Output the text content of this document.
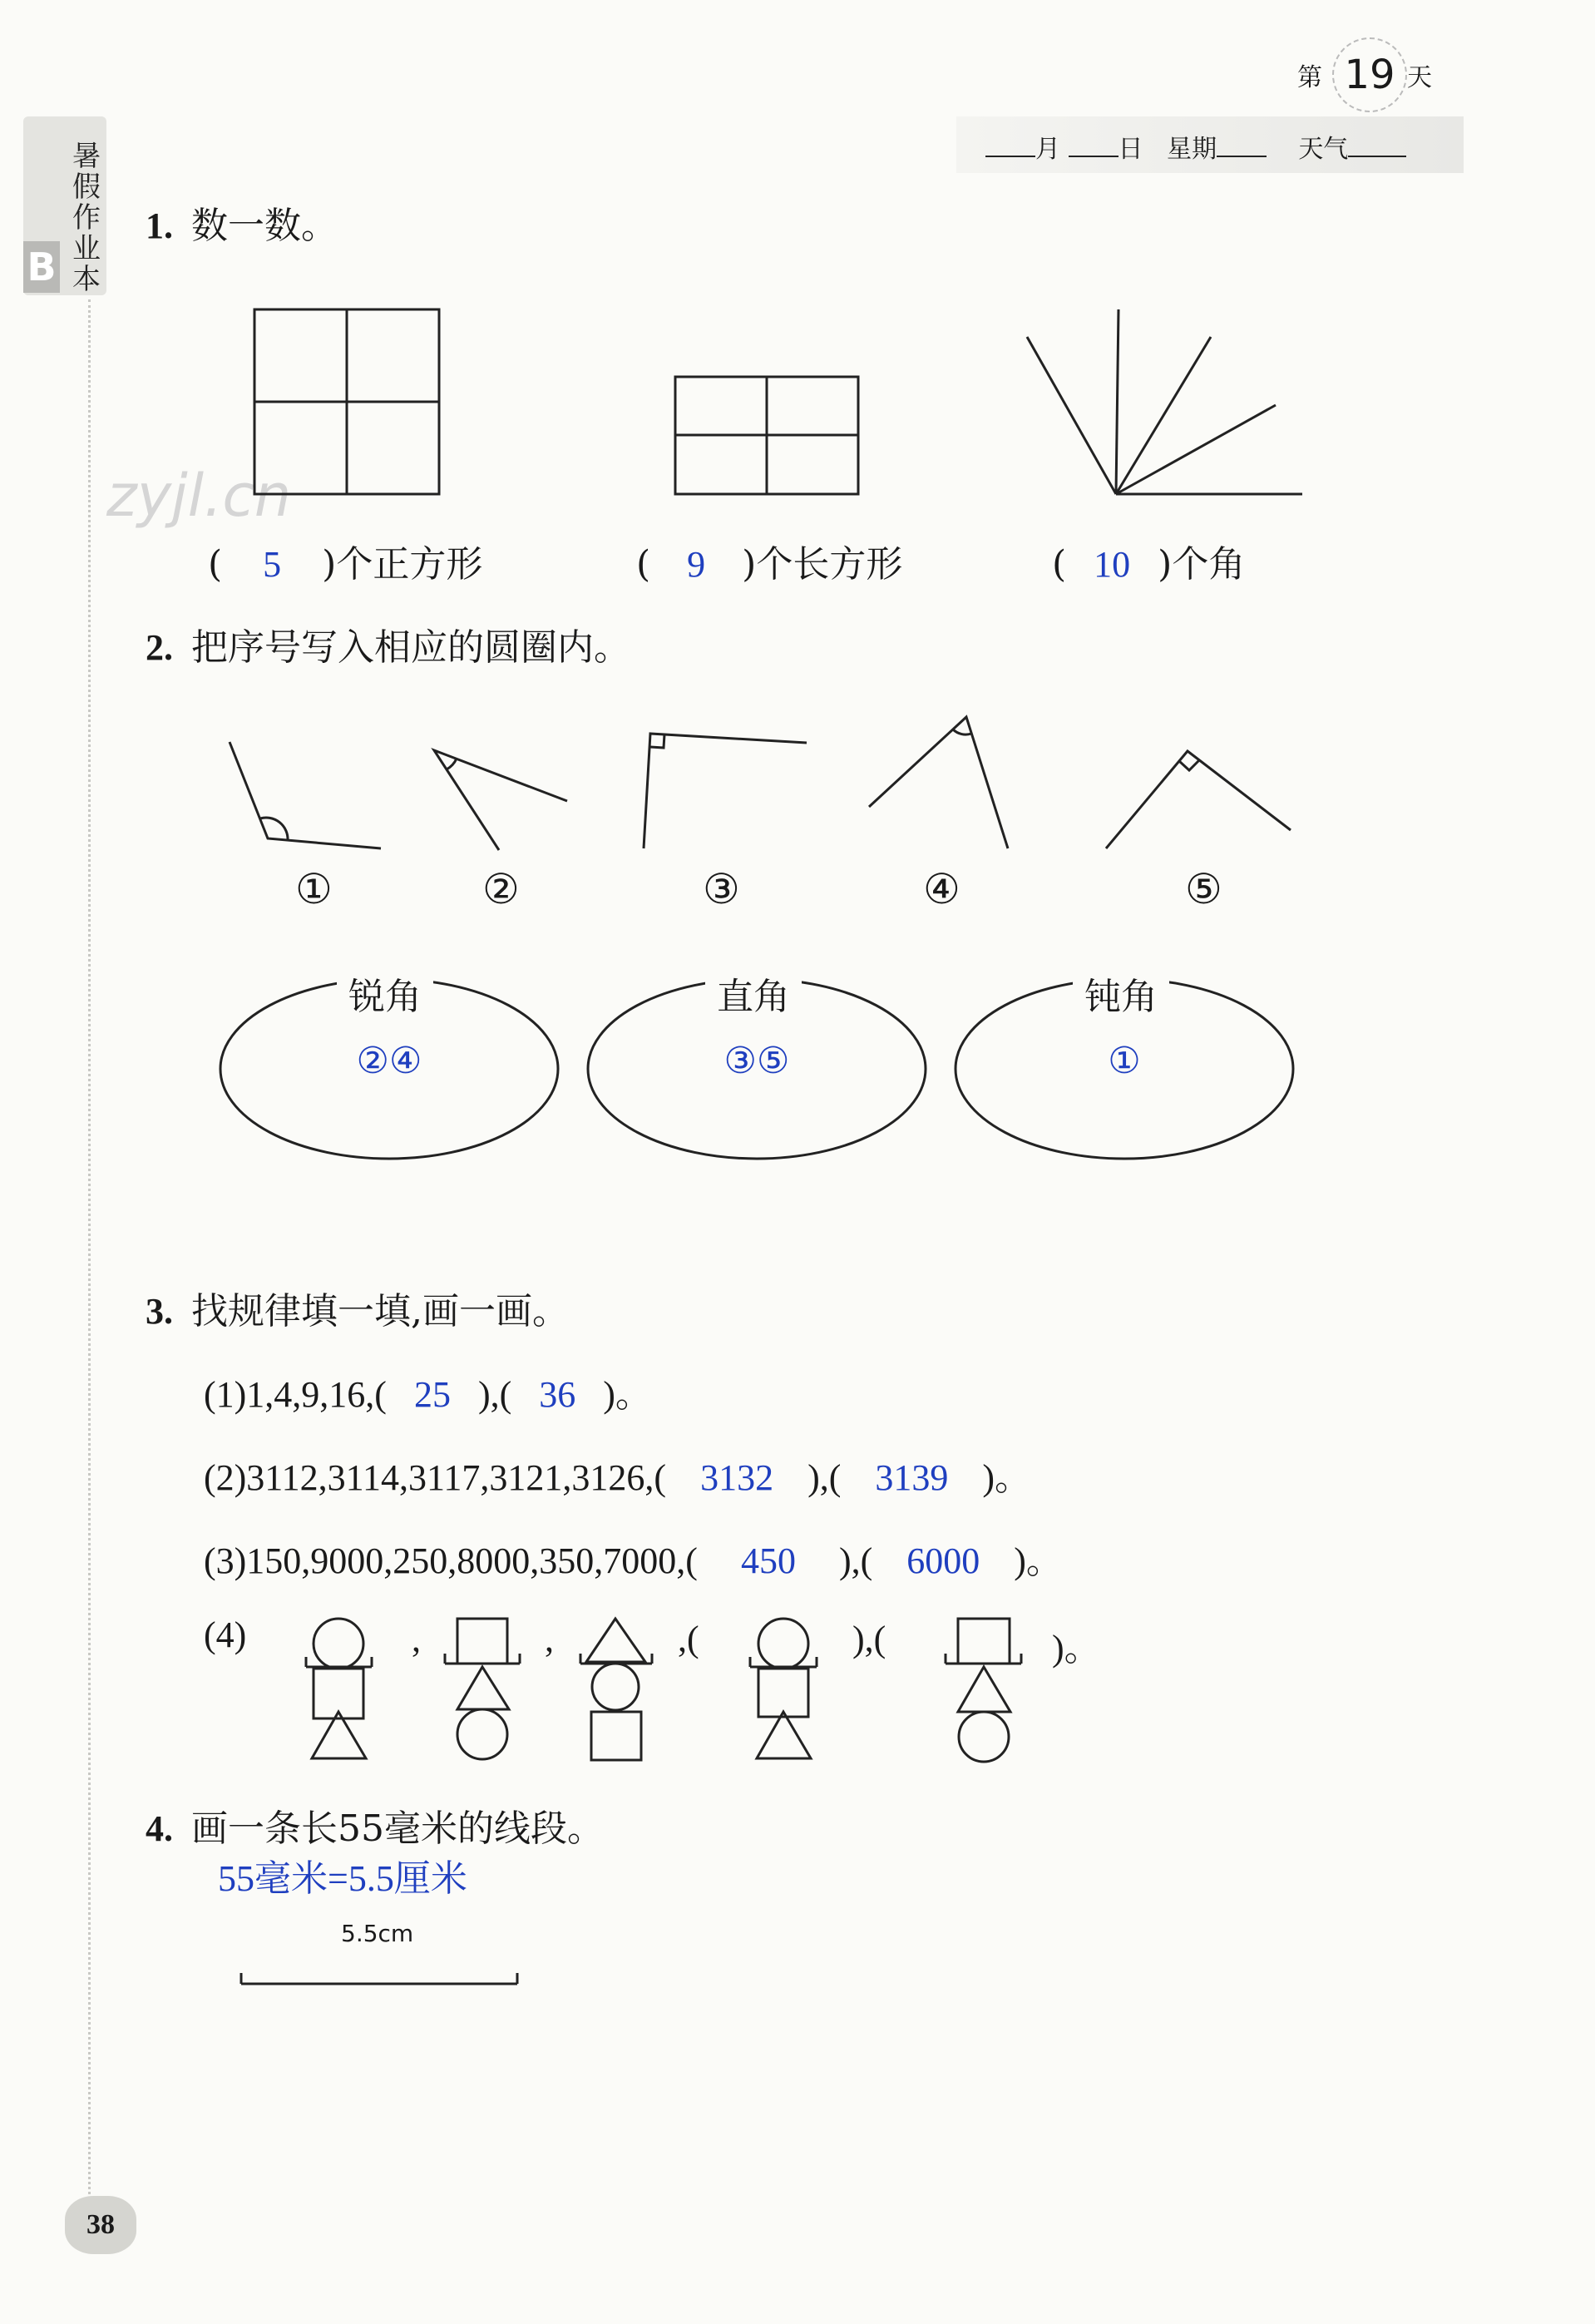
暑假作业本
B
zyjl.cn
第 19 天
月 日 星期	天气
1. 数一数。
( 5 )个正方形	( 9 )个长方形	( 10 )个角
2. 把序号写入相应的圆圈内。
①	②	③	④	⑤
锐角	直角	钝角
②④	③⑤	①
3. 找规律填一填,画一画。
(1)1,4,9,16,( 25 ),( 36 )。
(2)3112,3114,3117,3121,3126,( 3132 ),( 3139 )。
(3)150,9000,250,8000,350,7000,( 450 ),( 6000 )。
(4)	,	,	,(	),(	)。
4. 画一条长55毫米的线段。
55毫米=5.5厘米
5.5cm
38
